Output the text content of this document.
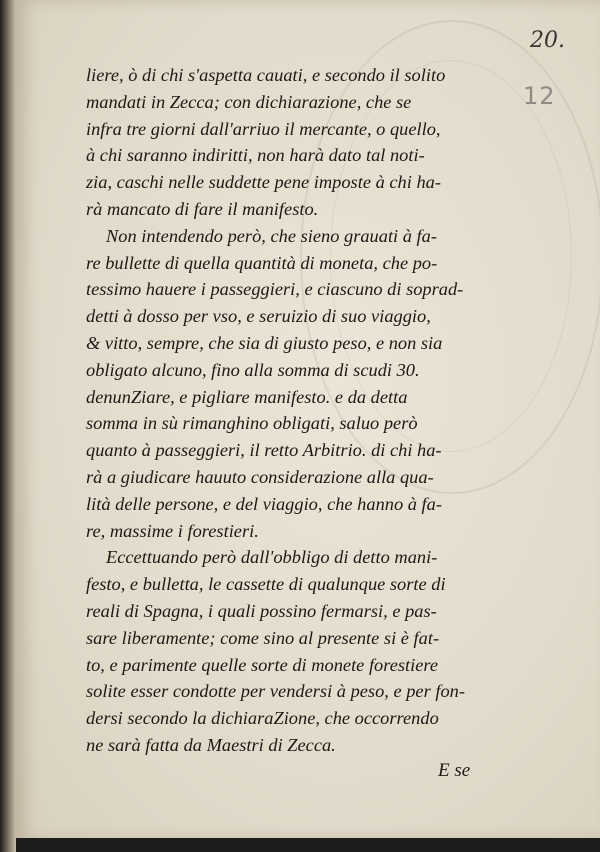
20.
12
liere, ò di chi s'aspetta cauati, e secondo il solito
mandati in Zecca; con dichiarazione, che se
infra tre giorni dall'arriuo il mercante, o quello,
à chi saranno indiritti, non harà dato tal noti-
zia, caschi nelle suddette pene imposte à chi ha-
rà mancato di fare il manifesto.
Non intendendo però, che sieno grauati à fa-
re bullette di quella quantità di moneta, che po-
tessimo hauere i passeggieri, e ciascuno di soprad-
detti à dosso per vso, e seruizio di suo viaggio,
& vitto, sempre, che sia di giusto peso, e non sia
obligato alcuno, fino alla somma di scudi 30.
denunZiare, e pigliare manifesto. e da detta
somma in sù rimanghino obligati, saluo però
quanto à passeggieri, il retto Arbitrio. di chi ha-
rà a giudicare hauuto considerazione alla qua-
lità delle persone, e del viaggio, che hanno à fa-
re, massime i forestieri.
Eccettuando però dall'obbligo di detto mani-
festo, e bulletta, le cassette di qualunque sorte di
reali di Spagna, i quali possino fermarsi, e pas-
sare liberamente; come sino al presente si è fat-
to, e parimente quelle sorte di monete forestiere
solite esser condotte per vendersi à peso, e per fon-
dersi secondo la dichiaraZione, che occorrendo
ne sarà fatta da Maestri di Zecca.
E se
